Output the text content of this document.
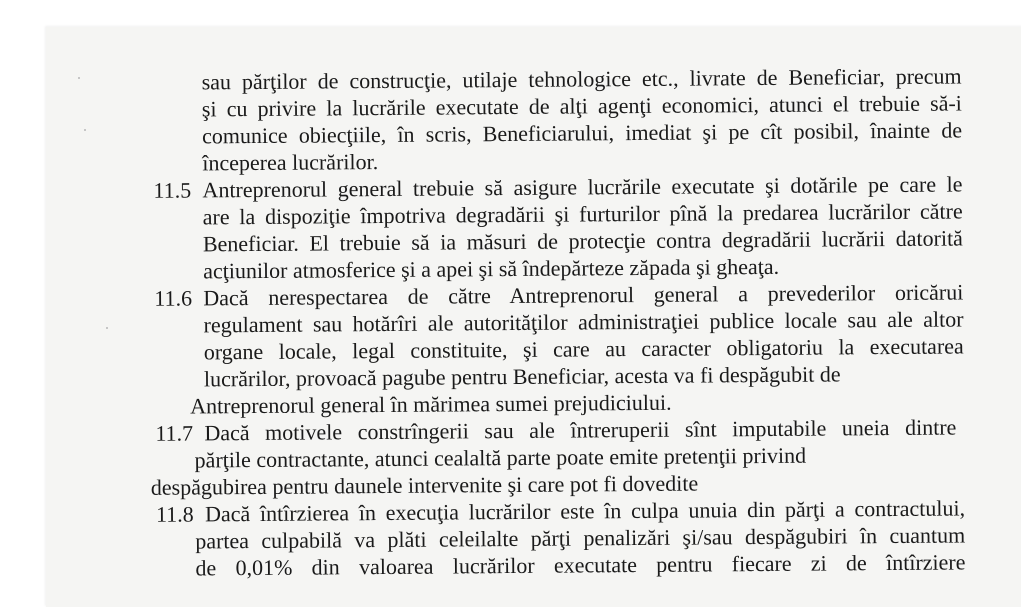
sau părţilor de construcţie, utilaje tehnologice etc., livrate de Beneficiar, precum
şi cu privire la lucrările executate de alţi agenţi economici, atunci el trebuie să-i
comunice obiecţiile, în scris, Beneficiarului, imediat şi pe cît posibil, înainte de
începerea lucrărilor.
11.5 Antreprenorul general trebuie să asigure lucrările executate şi dotările pe care le
are la dispoziţie împotriva degradării şi furturilor pînă la predarea lucrărilor către
Beneficiar. El trebuie să ia măsuri de protecţie contra degradării lucrării datorită
acţiunilor atmosferice şi a apei şi să îndepărteze zăpada şi gheaţa.
11.6 Dacă nerespectarea de către Antreprenorul general a prevederilor oricărui
regulament sau hotărîri ale autorităţilor administraţiei publice locale sau ale altor
organe locale, legal constituite, şi care au caracter obligatoriu la executarea
lucrărilor, provoacă pagube pentru Beneficiar, acesta va fi despăgubit de
Antreprenorul general în mărimea sumei prejudiciului.
11.7 Dacă motivele constrîngerii sau ale întreruperii sînt imputabile uneia dintre
părţile contractante, atunci cealaltă parte poate emite pretenţii privind
despăgubirea pentru daunele intervenite şi care pot fi dovedite
11.8 Dacă întîrzierea în execuţia lucrărilor este în culpa unuia din părţi a contractului,
partea culpabilă va plăti celeilalte părţi penalizări şi/sau despăgubiri în cuantum
de 0,01% din valoarea lucrărilor executate pentru fiecare zi de întîrziere
